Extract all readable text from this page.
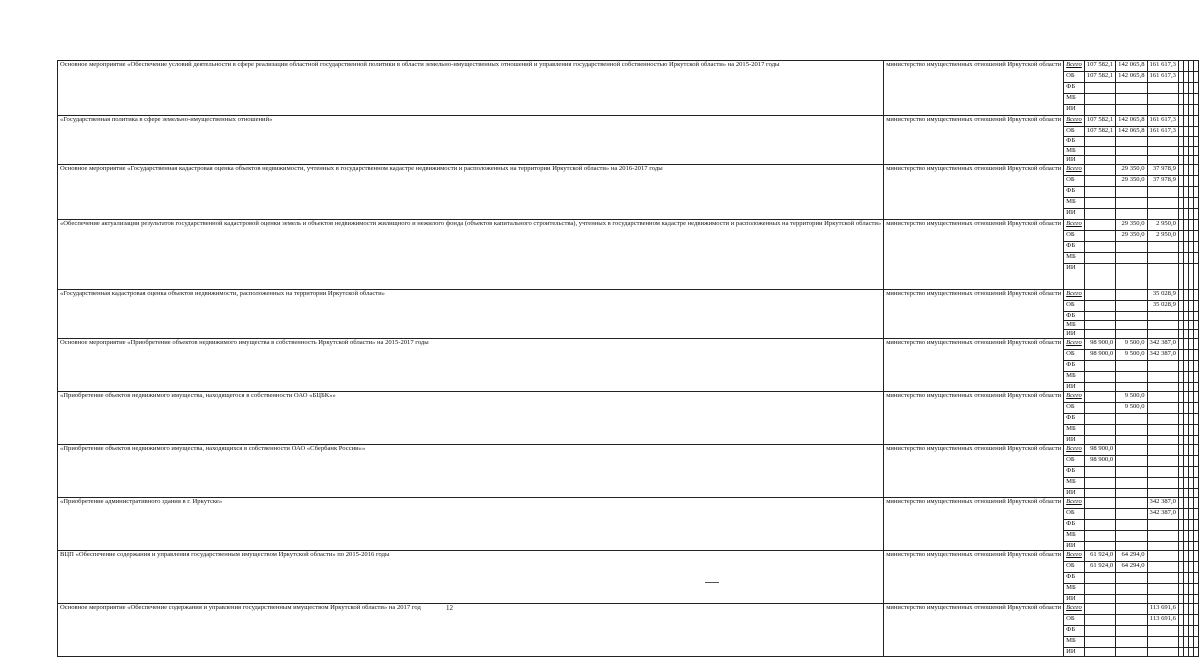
Основное мероприятие «Обеспечение условий деятельности в сфере реализации областной государственной политики в области земельно-имущественных отношений и управления государственной собственностью Иркутской области» на 2015-2017 годы	министерство имущественных отношений Иркутской области	Всего	107 582,1	142 065,8	161 617,3				
		ОБ	107 582,1	142 065,8	161 617,3				
		ФБ							
		МБ							
		ИИ							
«Государственная политика в сфере земельно-имущественных отношений»	министерство имущественных отношений Иркутской области	Всего	107 582,1	142 065,8	161 617,3				
		ОБ	107 582,1	142 065,8	161 617,3				
		ФБ							
		МБ							
		ИИ							
Основное мероприятие «Государственная кадастровая оценка объектов недвижимости, учтенных в государственном кадастре недвижимости и расположенных на территории Иркутской области» на 2016-2017 годы	министерство имущественных отношений Иркутской области	Всего		29 350,0	37 978,9				
		ОБ		29 350,0	37 978,9				
		ФБ							
		МБ							
		ИИ							
«Обеспечение актуализации результатов государственной кадастровой оценки земель и объектов недвижимости жилищного и нежилого фонда (объектов капитального строительства), учтенных в государственном кадастре недвижимости и расположенных на территории Иркутской области»	министерство имущественных отношений Иркутской области	Всего		29 350,0	2 950,0				
		ОБ		29 350,0	2 950,0				
		ФБ							
		МБ							
		ИИ							
«Государственная кадастровая оценка объектов недвижимости, расположенных на территории Иркутской области»	министерство имущественных отношений Иркутской области	Всего			35 028,9				
		ОБ			35 028,9				
		ФБ							
		МБ							
		ИИ							
Основное мероприятие «Приобретение объектов недвижимого имущества в собственность Иркутской области» на 2015-2017 годы	министерство имущественных отношений Иркутской области	Всего	98 900,0	9 500,0	342 387,0				
		ОБ	98 900,0	9 500,0	342 387,0				
		ФБ							
		МБ							
		ИИ							
«Приобретение объектов недвижимого имущества, находящегося в собственности ОАО «БЦБК»»	министерство имущественных отношений Иркутской области	Всего		9 500,0					
		ОБ		9 500,0					
		ФБ							
		МБ							
		ИИ							
«Приобретение объектов недвижимого имущества, находящихся в собственности ОАО «Сбербанк России»»	министерство имущественных отношений Иркутской области	Всего	98 900,0						
		ОБ	98 900,0						
		ФБ							
		МБ							
		ИИ							
«Приобретение административного здания в г. Иркутске»	министерство имущественных отношений Иркутской области	Всего			342 387,0				
		ОБ			342 387,0				
		ФБ							
		МБ							
		ИИ							
ВЦП «Обеспечение содержания и управления государственным имуществом Иркутской области» по 2015-2016 годы	министерство имущественных отношений Иркутской области	Всего	61 924,0	64 294,0					
		ОБ	61 924,0	64 294,0					
		ФБ							
		МБ							
		ИИ							
Основное мероприятие «Обеспечение содержания и управления государственным имуществом Иркутской области» на 2017 год	министерство имущественных отношений Иркутской области	Всего			113 691,6				
		ОБ			113 691,6				
		ФБ							
		МБ							
		ИИ							
12
